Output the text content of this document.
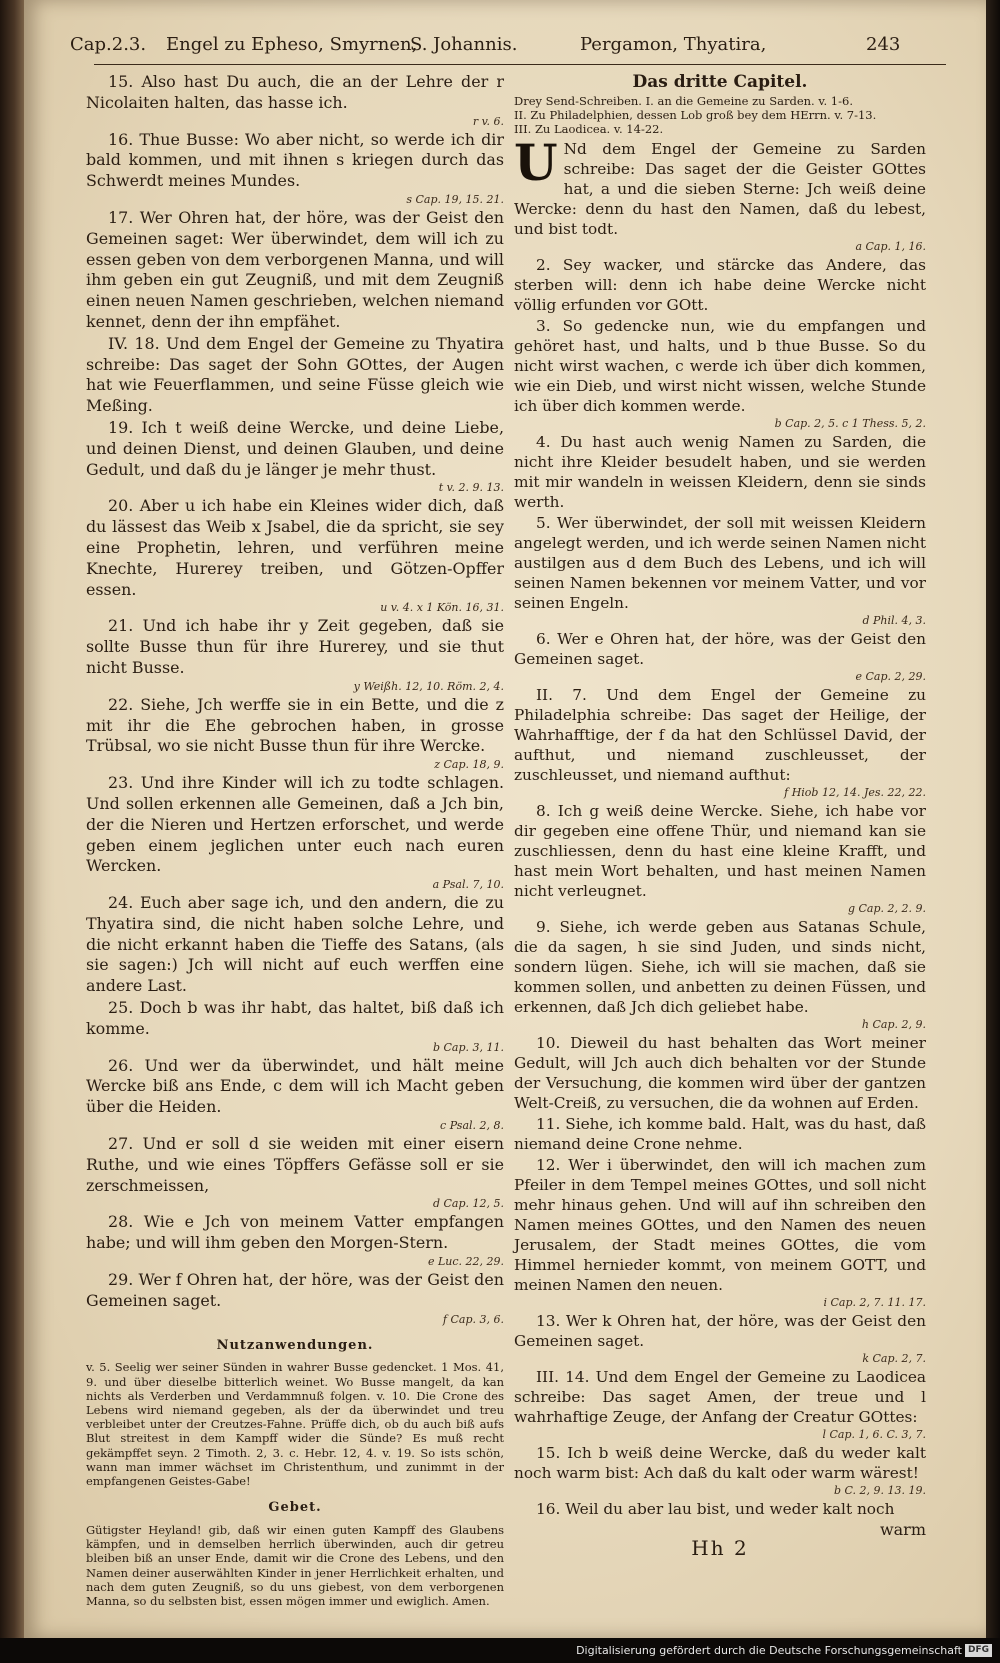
Cap.2.3. Engel zu Epheso, Smyrnen,
S. Johannis.	Pergamon, Thyatira,	243

15. Also hast Du auch, die an der Lehre der r Nicolaiten halten, das hasse ich.

r v. 6.

16. Thue Busse: Wo aber nicht, so werde ich dir bald kommen, und mit ihnen s kriegen durch das Schwerdt meines Mundes.

s Cap. 19, 15. 21.

17. Wer Ohren hat, der höre, was der Geist den Gemeinen saget: Wer überwindet, dem will ich zu essen geben von dem verborgenen Manna, und will ihm geben ein gut Zeugniß, und mit dem Zeugniß einen neuen Namen geschrieben, welchen niemand kennet, denn der ihn empfähet.

IV. 18. Und dem Engel der Gemeine zu Thyatira schreibe: Das saget der Sohn GOttes, der Augen hat wie Feuerflammen, und seine Füsse gleich wie Meßing.

19. Ich t weiß deine Wercke, und deine Liebe, und deinen Dienst, und deinen Glauben, und deine Gedult, und daß du je länger je mehr thust.

t v. 2. 9. 13.

20. Aber u ich habe ein Kleines wider dich, daß du lässest das Weib x Jsabel, die da spricht, sie sey eine Prophetin, lehren, und verführen meine Knechte, Hurerey treiben, und Götzen-Opffer essen.

u v. 4. x 1 Kön. 16, 31.

21. Und ich habe ihr y Zeit gegeben, daß sie sollte Busse thun für ihre Hurerey, und sie thut nicht Busse.

y Weißh. 12, 10. Röm. 2, 4.

22. Siehe, Jch werffe sie in ein Bette, und die z mit ihr die Ehe gebrochen haben, in grosse Trübsal, wo sie nicht Busse thun für ihre Wercke.

z Cap. 18, 9.

23. Und ihre Kinder will ich zu todte schlagen. Und sollen erkennen alle Gemeinen, daß a Jch bin, der die Nieren und Hertzen erforschet, und werde geben einem jeglichen unter euch nach euren Wercken.

a Psal. 7, 10.

24. Euch aber sage ich, und den andern, die zu Thyatira sind, die nicht haben solche Lehre, und die nicht erkannt haben die Tieffe des Satans, (als sie sagen:) Jch will nicht auf euch werffen eine andere Last.

25. Doch b was ihr habt, das haltet, biß daß ich komme.

b Cap. 3, 11.

26. Und wer da überwindet, und hält meine Wercke biß ans Ende, c dem will ich Macht geben über die Heiden.

c Psal. 2, 8.

27. Und er soll d sie weiden mit einer eisern Ruthe, und wie eines Töpffers Gefässe soll er sie zerschmeissen,

d Cap. 12, 5.

28. Wie e Jch von meinem Vatter empfangen habe; und will ihm geben den Morgen-Stern.

e Luc. 22, 29.

29. Wer f Ohren hat, der höre, was der Geist den Gemeinen saget.

f Cap. 3, 6.
Nutzanwendungen.

v. 5. Seelig wer seiner Sünden in wahrer Busse gedencket. 1 Mos. 41, 9. und über dieselbe bitterlich weinet. Wo Busse mangelt, da kan nichts als Verderben und Verdammnuß folgen. v. 10. Die Crone des Lebens wird niemand gegeben, als der da überwindet und treu verbleibet unter der Creutzes-Fahne. Prüffe dich, ob du auch biß aufs Blut streitest in dem Kampff wider die Sünde? Es muß recht gekämpffet seyn. 2 Timoth. 2, 3. c. Hebr. 12, 4. v. 19. So ists schön, wann man immer wächset im Christenthum, und zunimmt in der empfangenen Geistes-Gabe!

Gebet.

Gütigster Heyland! gib, daß wir einen guten Kampff des Glaubens kämpfen, und in demselben herrlich überwinden, auch dir getreu bleiben biß an unser Ende, damit wir die Crone des Lebens, und den Namen deiner auserwählten Kinder in jener Herrlichkeit erhalten, und nach dem guten Zeugniß, so du uns giebest, von dem verborgenen Manna, so du selbsten bist, essen mögen immer und ewiglich. Amen.

Das dritte Capitel.
Drey Send-Schreiben. I. an die Gemeine zu Sarden. v. 1-6.
II. Zu Philadelphien, dessen Lob groß bey dem HErrn. v. 7-13.
III. Zu Laodicea. v. 14-22.
U Nd dem Engel der Gemeine zu Sarden schreibe: Das saget der die Geister GOttes hat, a und die sieben Sterne: Jch weiß deine Wercke: denn du hast den Namen, daß du lebest, und bist todt.

a Cap. 1, 16.

2. Sey wacker, und stärcke das Andere, das sterben will: denn ich habe deine Wercke nicht völlig erfunden vor GOtt.

3. So gedencke nun, wie du empfangen und gehöret hast, und halts, und b thue Busse. So du nicht wirst wachen, c werde ich über dich kommen, wie ein Dieb, und wirst nicht wissen, welche Stunde ich über dich kommen werde.

b Cap. 2, 5. c 1 Thess. 5, 2.

4. Du hast auch wenig Namen zu Sarden, die nicht ihre Kleider besudelt haben, und sie werden mit mir wandeln in weissen Kleidern, denn sie sinds werth.

5. Wer überwindet, der soll mit weissen Kleidern angelegt werden, und ich werde seinen Namen nicht austilgen aus d dem Buch des Lebens, und ich will seinen Namen bekennen vor meinem Vatter, und vor seinen Engeln.

d Phil. 4, 3.

6. Wer e Ohren hat, der höre, was der Geist den Gemeinen saget.

e Cap. 2, 29.

II. 7. Und dem Engel der Gemeine zu Philadelphia schreibe: Das saget der Heilige, der Wahrhafftige, der f da hat den Schlüssel David, der aufthut, und niemand zuschleusset, der zuschleusset, und niemand aufthut:

f Hiob 12, 14. Jes. 22, 22.

8. Ich g weiß deine Wercke. Siehe, ich habe vor dir gegeben eine offene Thür, und niemand kan sie zuschliessen, denn du hast eine kleine Krafft, und hast mein Wort behalten, und hast meinen Namen nicht verleugnet.

g Cap. 2, 2. 9.

9. Siehe, ich werde geben aus Satanas Schule, die da sagen, h sie sind Juden, und sinds nicht, sondern lügen. Siehe, ich will sie machen, daß sie kommen sollen, und anbetten zu deinen Füssen, und erkennen, daß Jch dich geliebet habe.

h Cap. 2, 9.

10. Dieweil du hast behalten das Wort meiner Gedult, will Jch auch dich behalten vor der Stunde der Versuchung, die kommen wird über der gantzen Welt-Creiß, zu versuchen, die da wohnen auf Erden.

11. Siehe, ich komme bald. Halt, was du hast, daß niemand deine Crone nehme.

12. Wer i überwindet, den will ich machen zum Pfeiler in dem Tempel meines GOttes, und soll nicht mehr hinaus gehen. Und will auf ihn schreiben den Namen meines GOttes, und den Namen des neuen Jerusalem, der Stadt meines GOttes, die vom Himmel hernieder kommt, von meinem GOTT, und meinen Namen den neuen.

i Cap. 2, 7. 11. 17.

13. Wer k Ohren hat, der höre, was der Geist den Gemeinen saget.

k Cap. 2, 7.

III. 14. Und dem Engel der Gemeine zu Laodicea schreibe: Das saget Amen, der treue und l wahrhaftige Zeuge, der Anfang der Creatur GOttes:

l Cap. 1, 6. C. 3, 7.

15. Ich b weiß deine Wercke, daß du weder kalt noch warm bist: Ach daß du kalt oder warm wärest!

b C. 2, 9. 13. 19.

16. Weil du aber lau bist, und weder kalt noch

warm
Hh 2
Digitalisierung gefördert durch die Deutsche Forschungsgemeinschaft DFG
